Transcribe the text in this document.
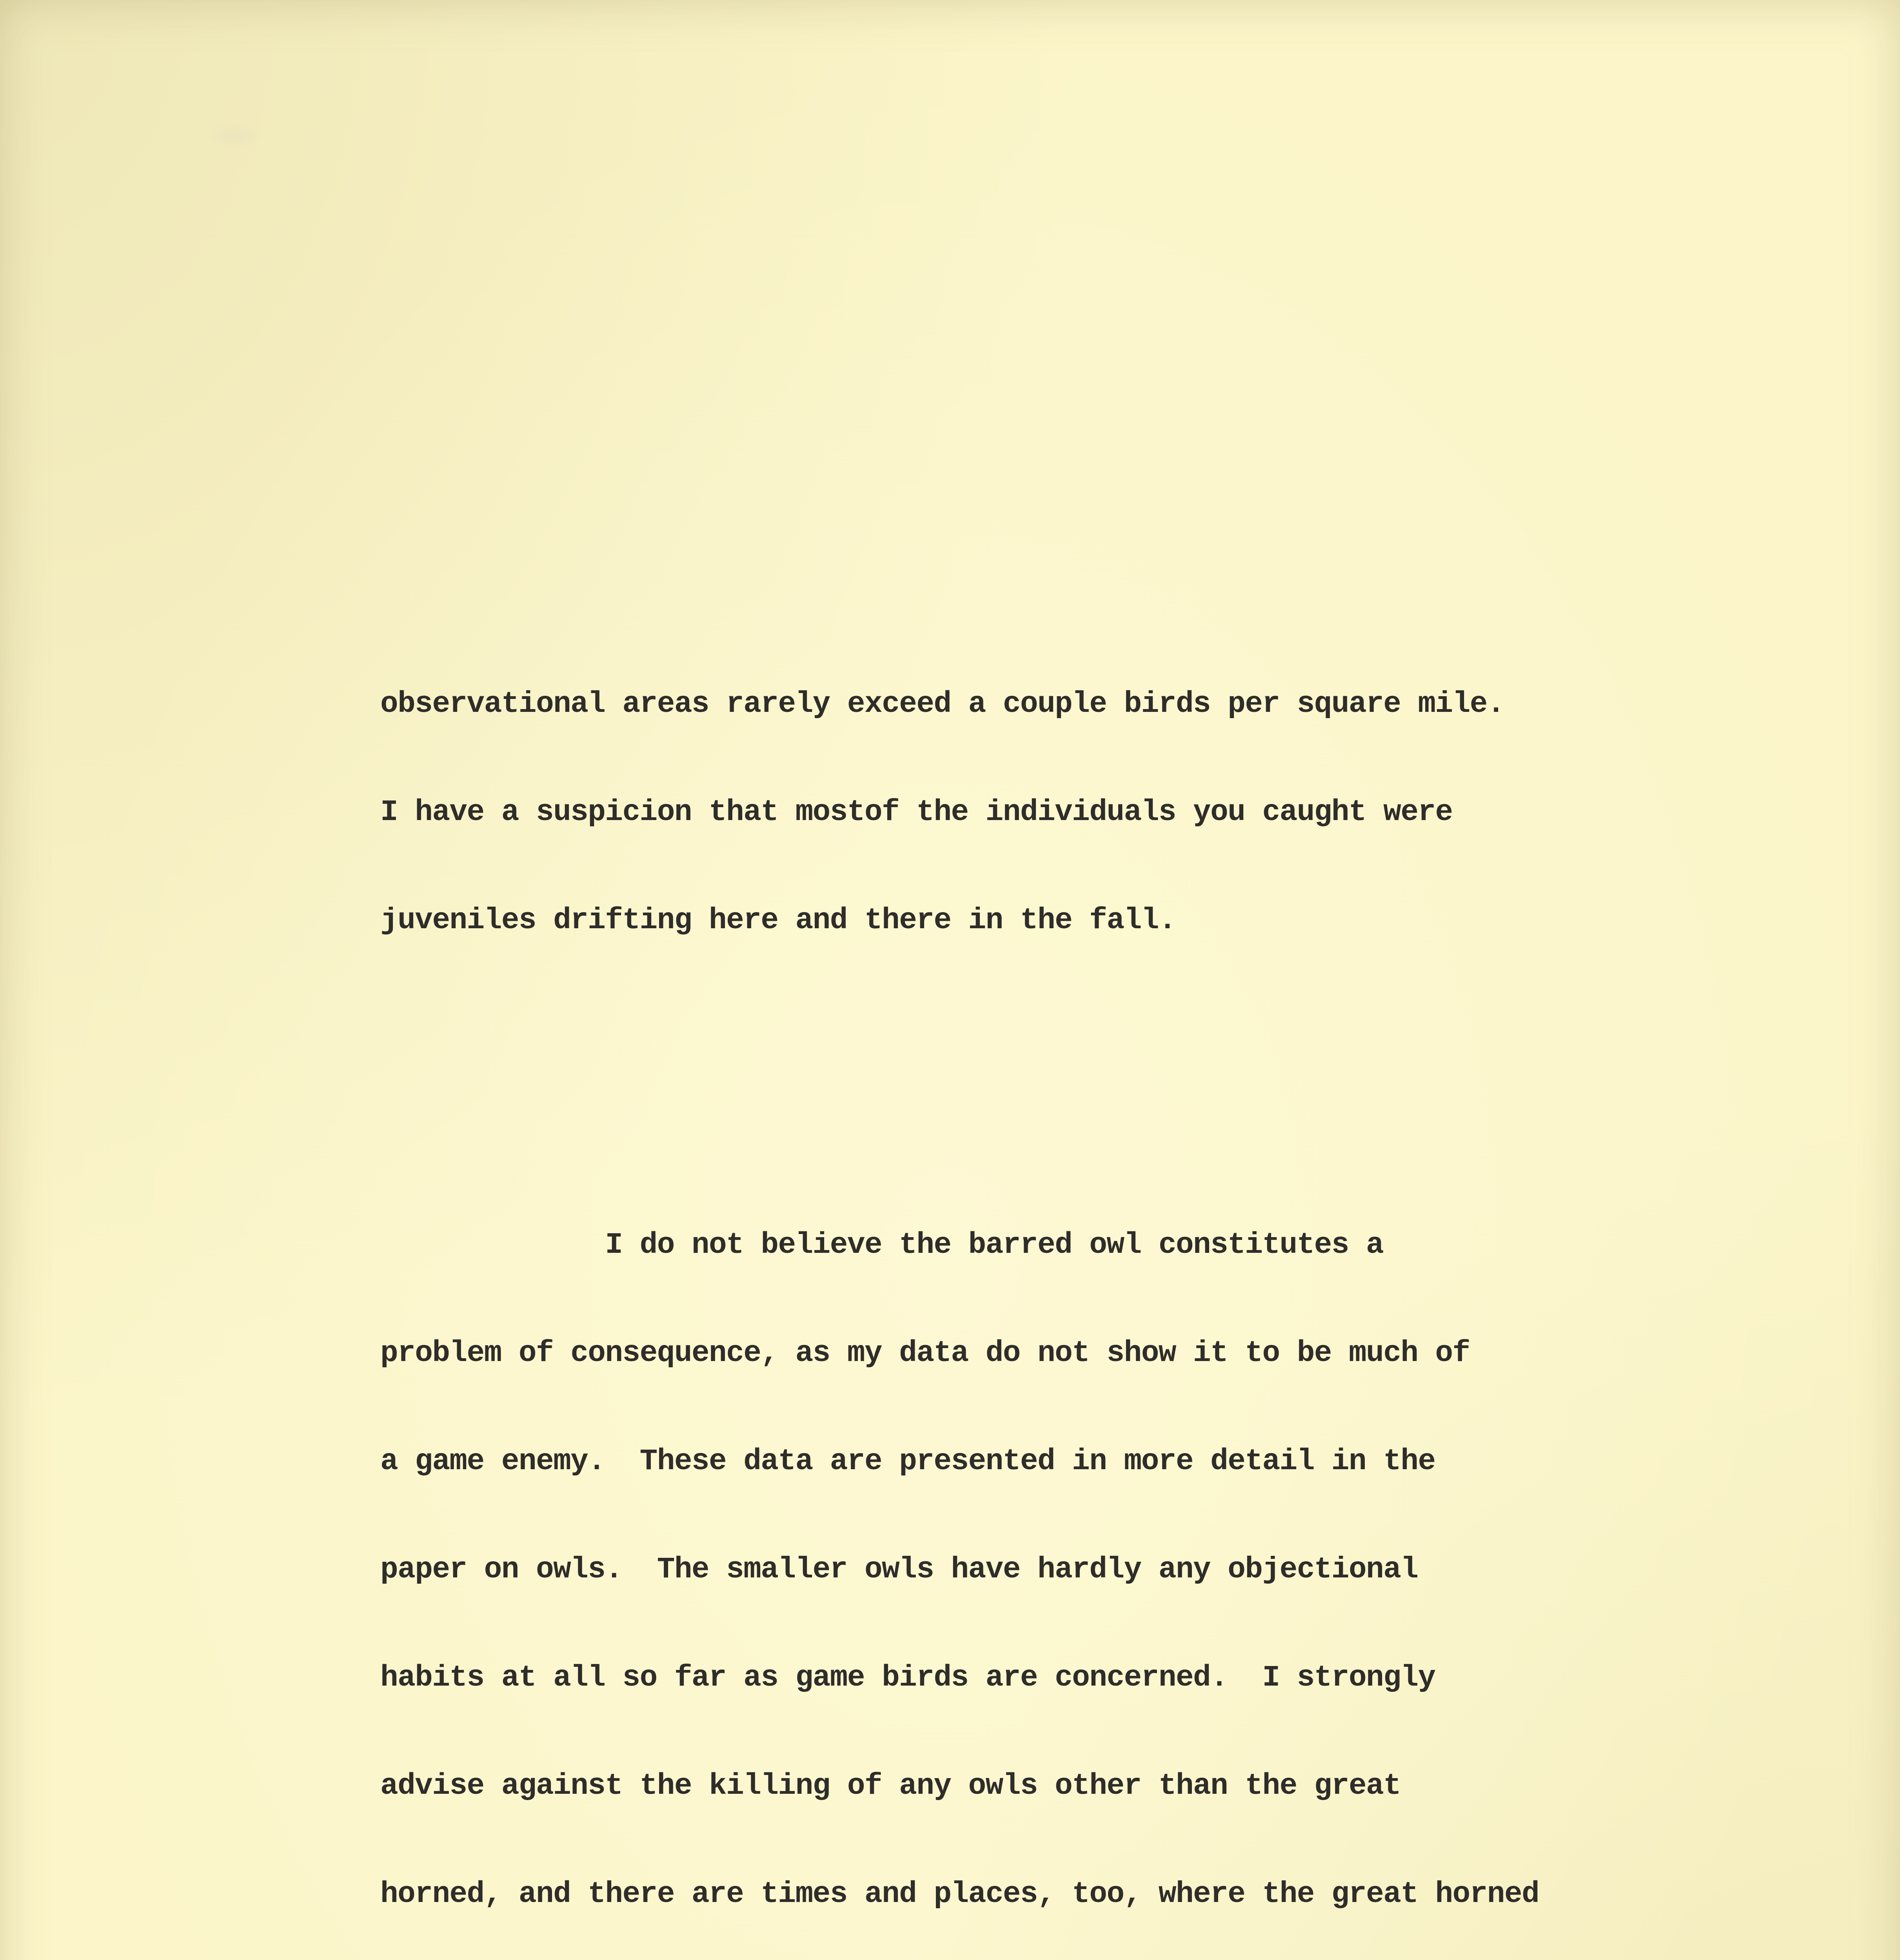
observational areas rarely exceed a couple birds per square mile.

I have a suspicion that mostof the individuals you caught were

juveniles drifting here and there in the fall.

I do not believe the barred owl constitutes a

problem of consequence, as my data do not show it to be much of

a game enemy.  These data are presented in more detail in the

paper on owls.  The smaller owls have hardly any objectional

habits at all so far as game birds are concerned.  I strongly

advise against the killing of any owls other than the great

horned, and there are times and places, too, where the great horned
